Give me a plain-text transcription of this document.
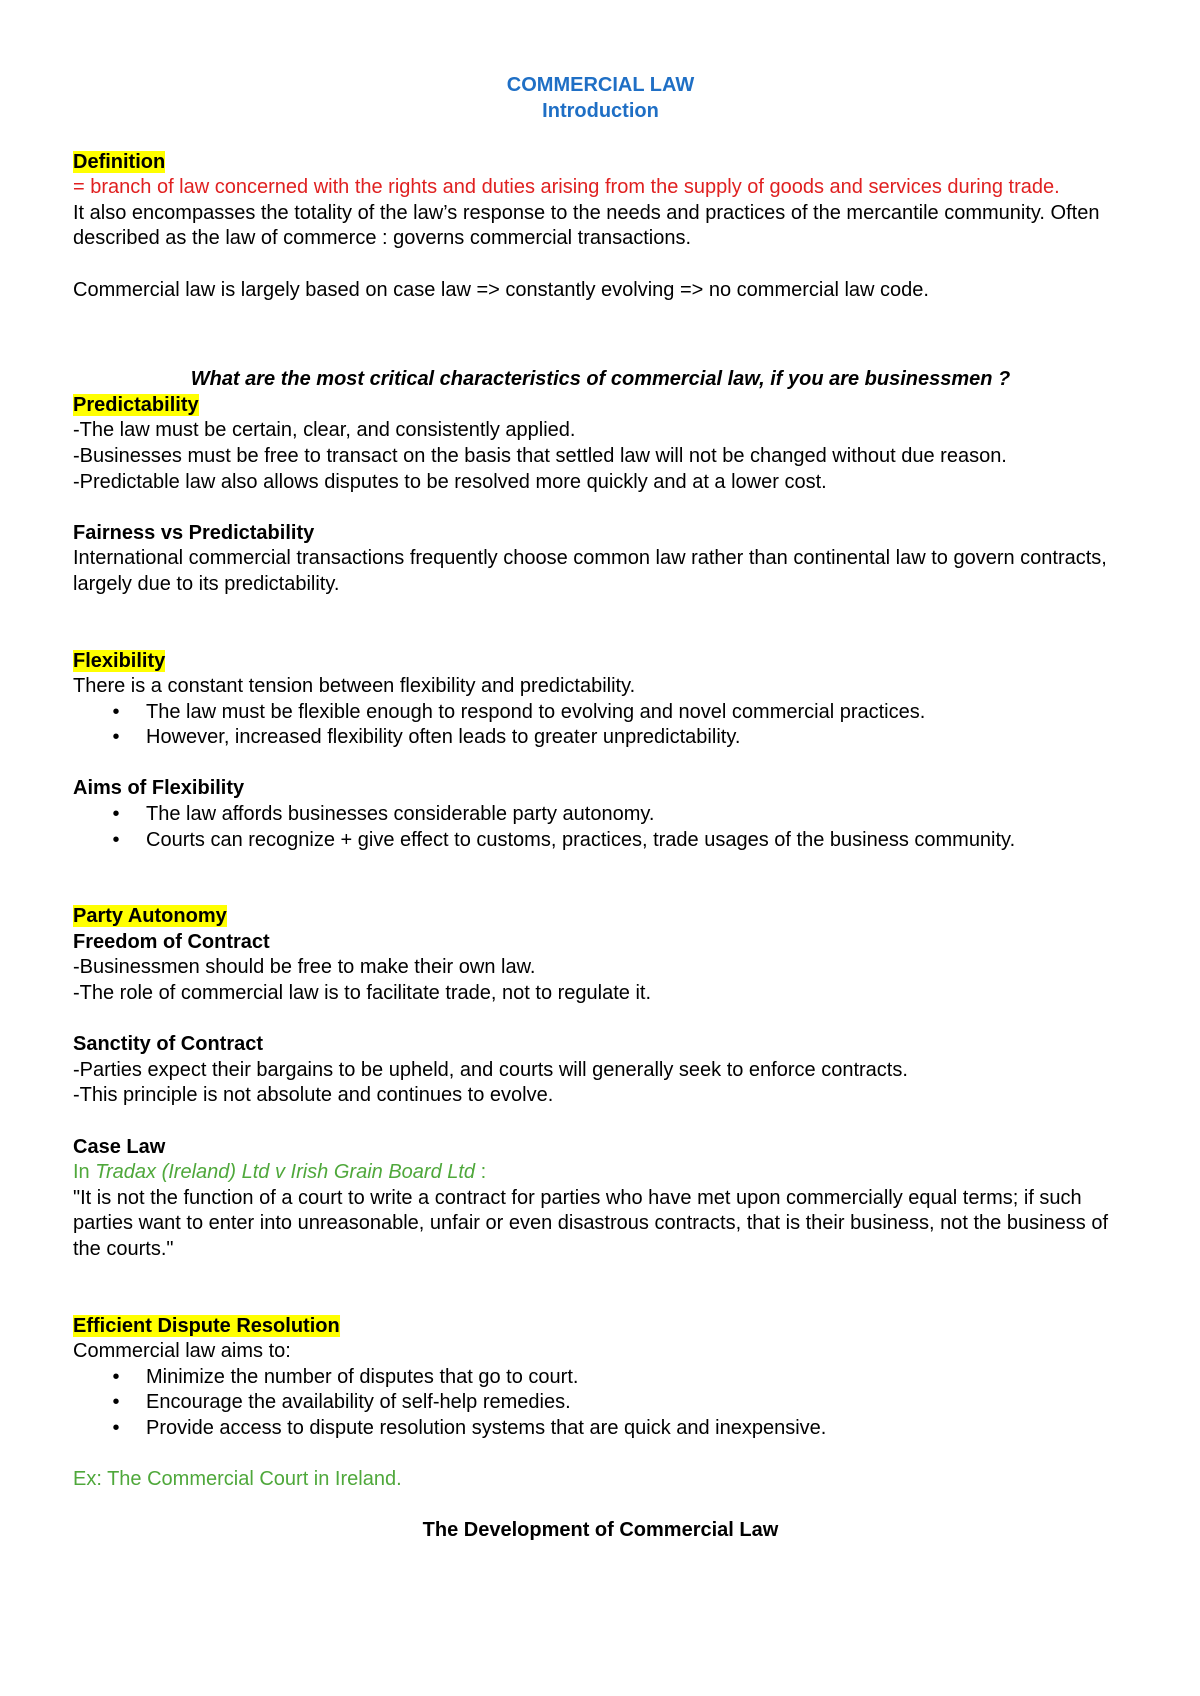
COMMERCIAL LAW

Introduction

Definition

= branch of law concerned with the rights and duties arising from the supply of goods and services during trade.

It also encompasses the totality of the law’s response to the needs and practices of the mercantile community. Often described as the law of commerce : governs commercial transactions.

Commercial law is largely based on case law => constantly evolving => no commercial law code.

What are the most critical characteristics of commercial law, if you are businessmen ?

Predictability

-The law must be certain, clear, and consistently applied.

-Businesses must be free to transact on the basis that settled law will not be changed without due reason.

-Predictable law also allows disputes to be resolved more quickly and at a lower cost.

Fairness vs Predictability

International commercial transactions frequently choose common law rather than continental law to govern contracts, largely due to its predictability.

Flexibility

There is a constant tension between flexibility and predictability.

• The law must be flexible enough to respond to evolving and novel commercial practices.
• However, increased flexibility often leads to greater unpredictability.

Aims of Flexibility

• The law affords businesses considerable party autonomy.
• Courts can recognize + give effect to customs, practices, trade usages of the business community.

Party Autonomy

Freedom of Contract

-Businessmen should be free to make their own law.

-The role of commercial law is to facilitate trade, not to regulate it.

Sanctity of Contract

-Parties expect their bargains to be upheld, and courts will generally seek to enforce contracts.

-This principle is not absolute and continues to evolve.

Case Law

In Tradax (Ireland) Ltd v Irish Grain Board Ltd :

"It is not the function of a court to write a contract for parties who have met upon commercially equal terms; if such parties want to enter into unreasonable, unfair or even disastrous contracts, that is their business, not the business of the courts."

Efficient Dispute Resolution

Commercial law aims to:

• Minimize the number of disputes that go to court.
• Encourage the availability of self-help remedies.
• Provide access to dispute resolution systems that are quick and inexpensive.

Ex: The Commercial Court in Ireland.

The Development of Commercial Law
